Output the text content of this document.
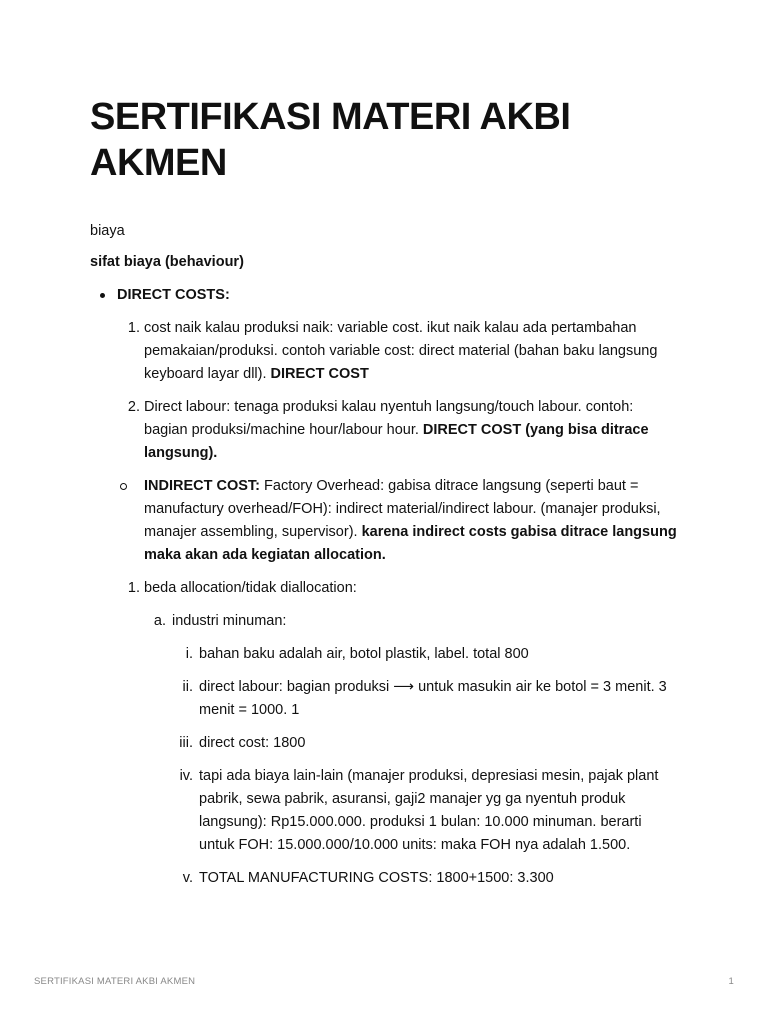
SERTIFIKASI MATERI AKBI AKMEN
biaya
sifat biaya (behaviour)
DIRECT COSTS:
1. cost naik kalau produksi naik: variable cost. ikut naik kalau ada pertambahan pemakaian/produksi. contoh variable cost: direct material (bahan baku langsung keyboard layar dll). DIRECT COST
2. Direct labour: tenaga produksi kalau nyentuh langsung/touch labour. contoh: bagian produksi/machine hour/labour hour. DIRECT COST (yang bisa ditrace langsung).
INDIRECT COST: Factory Overhead: gabisa ditrace langsung (seperti baut = manufactury overhead/FOH): indirect material/indirect labour. (manajer produksi, manajer assembling, supervisor). karena indirect costs gabisa ditrace langsung maka akan ada kegiatan allocation.
1. beda allocation/tidak diallocation:
a. industri minuman:
i. bahan baku adalah air, botol plastik, label. total 800
ii. direct labour: bagian produksi ⟶ untuk masukin air ke botol = 3 menit. 3 menit = 1000. 1
iii. direct cost: 1800
iv. tapi ada biaya lain-lain (manajer produksi, depresiasi mesin, pajak plant pabrik, sewa pabrik, asuransi, gaji2 manajer yg ga nyentuh produk langsung): Rp15.000.000. produksi 1 bulan: 10.000 minuman. berarti untuk FOH: 15.000.000/10.000 units: maka FOH nya adalah 1.500.
v. TOTAL MANUFACTURING COSTS: 1800+1500: 3.300
SERTIFIKASI MATERI AKBI AKMEN	1
